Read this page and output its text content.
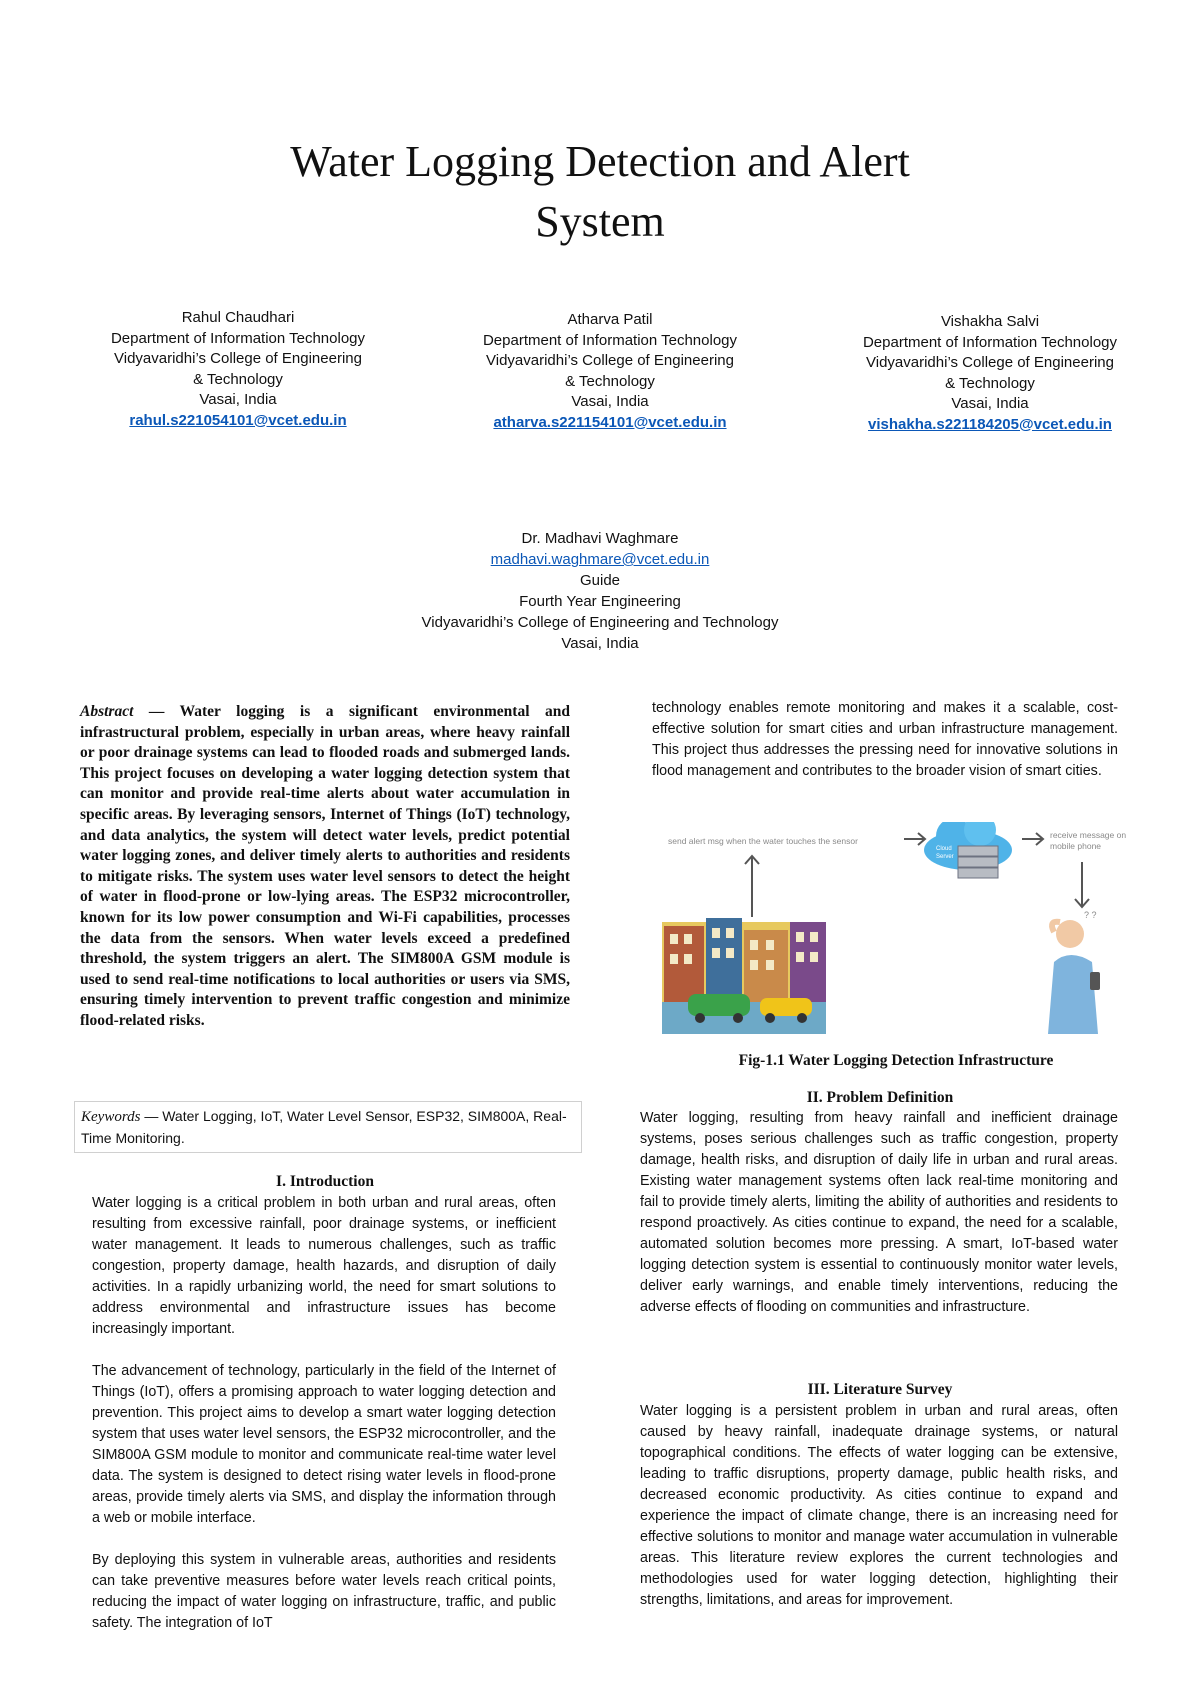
Water Logging Detection and Alert
System
Rahul Chaudhari
Department of Information Technology
Vidyavaridhi’s College of Engineering
& Technology
Vasai, India
rahul.s221054101@vcet.edu.in
Atharva Patil
Department of Information Technology
Vidyavaridhi’s College of Engineering
& Technology
Vasai, India
atharva.s221154101@vcet.edu.in
Vishakha Salvi
Department of Information Technology
Vidyavaridhi’s College of Engineering
& Technology
Vasai, India
vishakha.s221184205@vcet.edu.in
Dr. Madhavi Waghmare
madhavi.waghmare@vcet.edu.in
Guide
Fourth Year Engineering
Vidyavaridhi’s College of Engineering and Technology
Vasai, India
Abstract — Water logging is a significant environmental and infrastructural problem, especially in urban areas, where heavy rainfall or poor drainage systems can lead to flooded roads and submerged lands. This project focuses on developing a water logging detection system that can monitor and provide real-time alerts about water accumulation in specific areas. By leveraging sensors, Internet of Things (IoT) technology, and data analytics, the system will detect water levels, predict potential water logging zones, and deliver timely alerts to authorities and residents to mitigate risks. The system uses water level sensors to detect the height of water in flood-prone or low-lying areas. The ESP32 microcontroller, known for its low power consumption and Wi-Fi capabilities, processes the data from the sensors. When water levels exceed a predefined threshold, the system triggers an alert. The SIM800A GSM module is used to send real-time notifications to local authorities or users via SMS, ensuring timely intervention to prevent traffic congestion and minimize flood-related risks.
Keywords — Water Logging, IoT, Water Level Sensor, ESP32, SIM800A, Real-Time Monitoring.
I. Introduction

Water logging is a critical problem in both urban and rural areas, often resulting from excessive rainfall, poor drainage systems, or inefficient water management. It leads to numerous challenges, such as traffic congestion, property damage, health hazards, and disruption of daily activities. In a rapidly urbanizing world, the need for smart solutions to address environmental and infrastructure issues has become increasingly important.

The advancement of technology, particularly in the field of the Internet of Things (IoT), offers a promising approach to water logging detection and prevention. This project aims to develop a smart water logging detection system that uses water level sensors, the ESP32 microcontroller, and the SIM800A GSM module to monitor and communicate real-time water level data. The system is designed to detect rising water levels in flood-prone areas, provide timely alerts via SMS, and display the information through a web or mobile interface.

By deploying this system in vulnerable areas, authorities and residents can take preventive measures before water levels reach critical points, reducing the impact of water logging on infrastructure, traffic, and public safety. The integration of IoT

technology enables remote monitoring and makes it a scalable, cost-effective solution for smart cities and urban infrastructure management. This project thus addresses the pressing need for innovative solutions in flood management and contributes to the broader vision of smart cities.
send alert msg when the water touches the sensor
Cloud
Server
receive message on
mobile phone
? ?
Fig-1.1 Water Logging Detection Infrastructure
II. Problem Definition
Water logging, resulting from heavy rainfall and inefficient drainage systems, poses serious challenges such as traffic congestion, property damage, health risks, and disruption of daily life in urban and rural areas. Existing water management systems often lack real-time monitoring and fail to provide timely alerts, limiting the ability of authorities and residents to respond proactively. As cities continue to expand, the need for a scalable, automated solution becomes more pressing. A smart, IoT-based water logging detection system is essential to continuously monitor water levels, deliver early warnings, and enable timely interventions, reducing the adverse effects of flooding on communities and infrastructure.
III. Literature Survey
Water logging is a persistent problem in urban and rural areas, often caused by heavy rainfall, inadequate drainage systems, or natural topographical conditions. The effects of water logging can be extensive, leading to traffic disruptions, property damage, public health risks, and decreased economic productivity. As cities continue to expand and experience the impact of climate change, there is an increasing need for effective solutions to monitor and manage water accumulation in vulnerable areas. This literature review explores the current technologies and methodologies used for water logging detection, highlighting their strengths, limitations, and areas for improvement.
